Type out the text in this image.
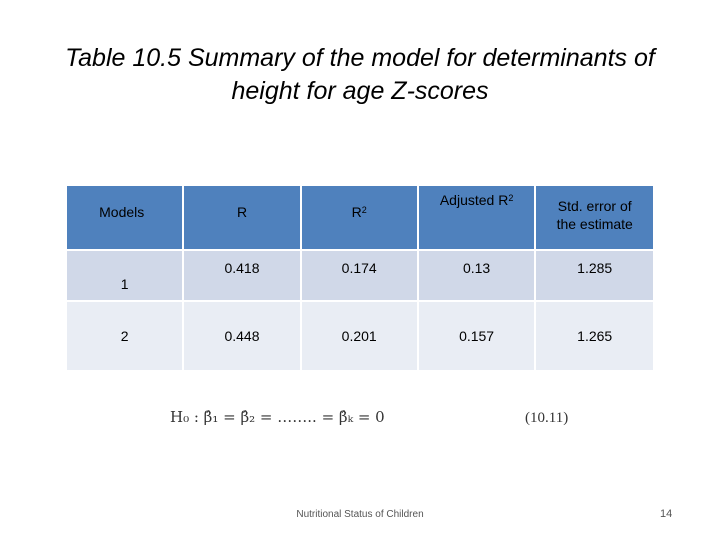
Table 10.5 Summary of the model for determinants of height for age Z-scores
Models	R	$R^2$	Adjusted $R^2$	Std. error of
the estimate
1	0.418	0.174	0.13	1.285
2	0.448	0.201	0.157	1.265
H₀ : β̂₁ = β̂₂ = …….. = β̂ₖ = 0	(10.11)
Nutritional Status of Children	14
